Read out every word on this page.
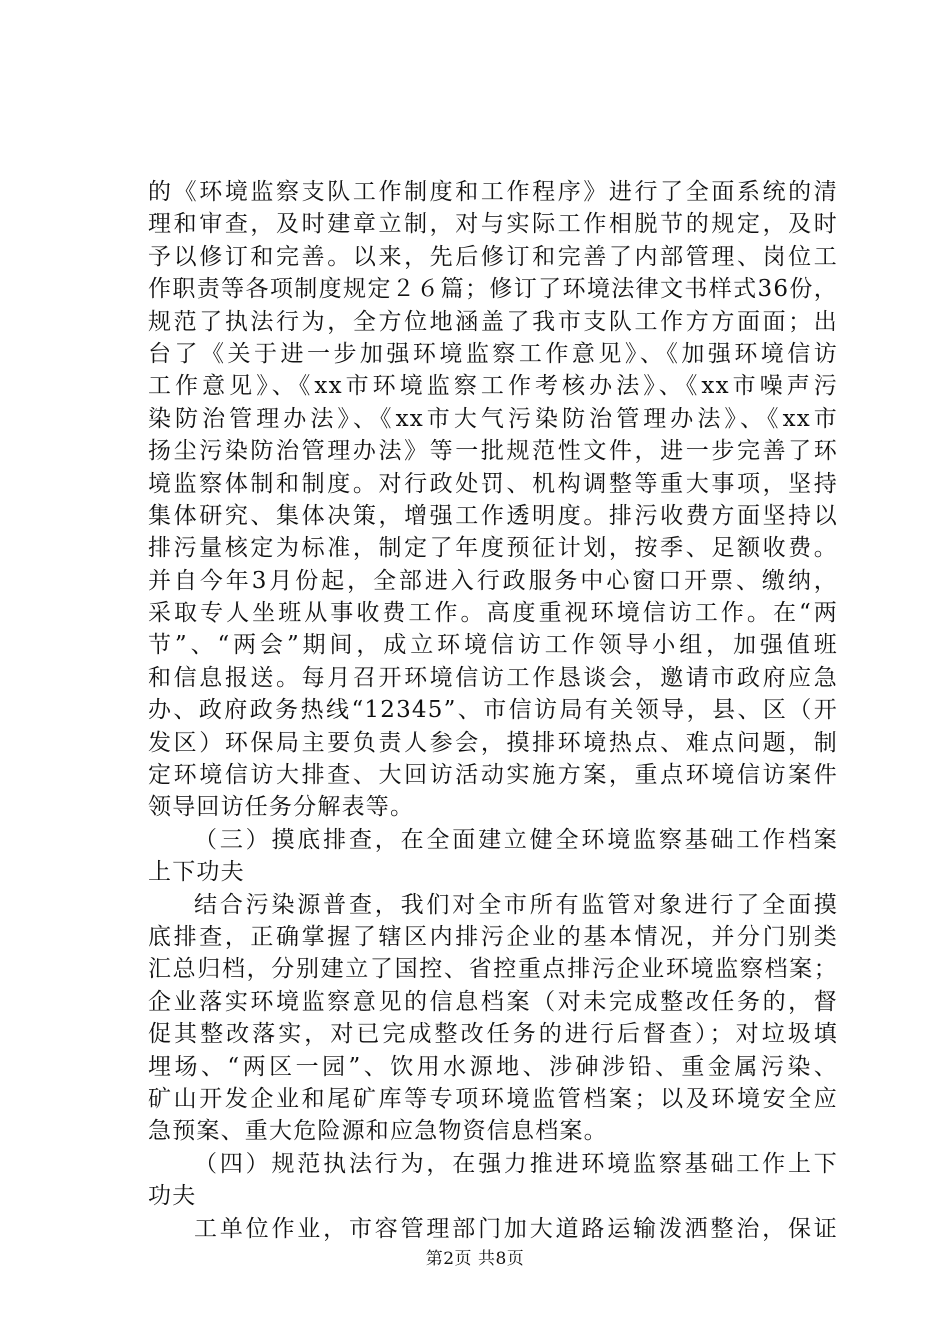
的《环境监察支队工作制度和工作程序》进行了全面系统的清
理和审查，及时建章立制，对与实际工作相脱节的规定，及时
予以修订和完善。以来，先后修订和完善了内部管理、岗位工
作职责等各项制度规定２６篇；修订了环境法律文书样式36份，
规范了执法行为，全方位地涵盖了我市支队工作方方面面；出
台了《关于进一步加强环境监察工作意见》、《加强环境信访
工作意见》、《xx市环境监察工作考核办法》、《xx市噪声污
染防治管理办法》、《xx市大气污染防治管理办法》、《xx市
扬尘污染防治管理办法》等一批规范性文件，进一步完善了环
境监察体制和制度。对行政处罚、机构调整等重大事项，坚持
集体研究、集体决策，增强工作透明度。排污收费方面坚持以
排污量核定为标准，制定了年度预征计划，按季、足额收费。
并自今年3月份起，全部进入行政服务中心窗口开票、缴纳，
采取专人坐班从事收费工作。高度重视环境信访工作。在“两
节”、“两会”期间，成立环境信访工作领导小组，加强值班
和信息报送。每月召开环境信访工作恳谈会，邀请市政府应急
办、政府政务热线“12345”、市信访局有关领导，县、区（开
发区）环保局主要负责人参会，摸排环境热点、难点问题，制
定环境信访大排查、大回访活动实施方案，重点环境信访案件
领导回访任务分解表等。
（三）摸底排查，在全面建立健全环境监察基础工作档案
上下功夫
结合污染源普查，我们对全市所有监管对象进行了全面摸
底排查，正确掌握了辖区内排污企业的基本情况，并分门别类
汇总归档，分别建立了国控、省控重点排污企业环境监察档案；
企业落实环境监察意见的信息档案（对未完成整改任务的，督
促其整改落实，对已完成整改任务的进行后督查）；对垃圾填
埋场、“两区一园”、饮用水源地、涉砷涉铅、重金属污染、
矿山开发企业和尾矿库等专项环境监管档案；以及环境安全应
急预案、重大危险源和应急物资信息档案。
（四）规范执法行为，在强力推进环境监察基础工作上下
功夫
工单位作业，市容管理部门加大道路运输泼洒整治，保证
第2页 共8页
